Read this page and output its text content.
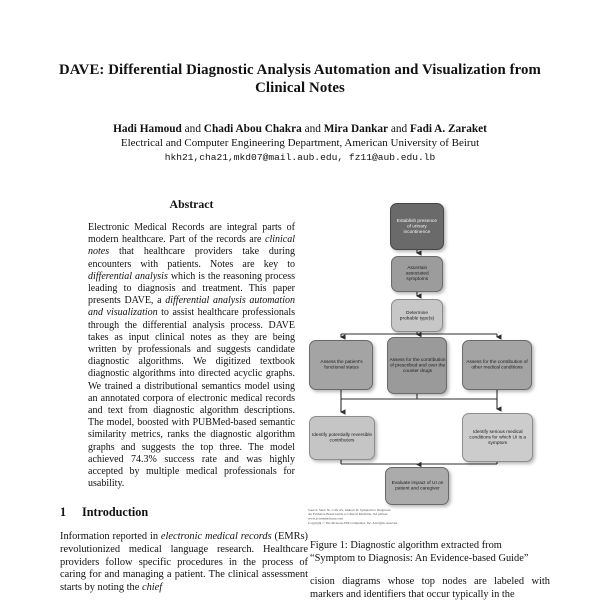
DAVE: Differential Diagnostic Analysis Automation and Visualization from
Clinical Notes
Hadi Hamoud and Chadi Abou Chakra and Mira Dankar and Fadi A. Zaraket
Electrical and Computer Engineering Department, American University of Beirut
hkh21,cha21,mkd07@mail.aub.edu, fz11@aub.edu.lb
Abstract

Electronic Medical Records are integral parts of modern healthcare. Part of the records are clinical notes that healthcare providers take during encounters with patients. Notes are key to differential analysis which is the reasoning process leading to diagnosis and treatment. This paper presents DAVE, a differential analysis automation and visualization to assist healthcare professionals through the differential analysis process. DAVE takes as input clinical notes as they are being written by professionals and suggests candidate diagnostic algorithms. We digitized textbook diagnostic algorithms into directed acyclic graphs. We trained a distributional semantics model using an annotated corpora of electronic medical records and text from diagnostic algorithm descriptions. The model, boosted with PUBMed-based semantic similarity metrics, ranks the diagnostic algorithm graphs and suggests the top three. The model achieved 74.3% success rate and was highly accepted by multiple medical professionals for usability.

1 Introduction

Information reported in electronic medical records (EMRs) revolutionized medical language research. Healthcare providers follow specific procedures in the process of caring for and managing a patient. The clinical assessment starts by noting the chief

Establish presence of urinary incontinence
Ascertain associated symptoms
Determine probable type(s)
Assess the patient's functional status
Assess for the contribution of prescribed and over the counter drugs
Assess for the contribution of other medical conditions
Identify potentially reversible contributors
Identify serious medical conditions for which UI is a symptom
Evaluate impact of UI on patient and caregiver
Source: Stern SC, Cifu AS, Altkorn D: Symptom to Diagnosis:
An Evidence-Based Guide to Clinical Medicine, 3rd edition:
www.accessmedicine.com
Copyright © The McGraw-Hill Companies, Inc. All rights reserved.
Figure 1: Diagnostic algorithm extracted from “Symptom to Diagnosis: An Evidence-based Guide”

cision diagrams whose top nodes are labeled with markers and identifiers that occur typically in the
